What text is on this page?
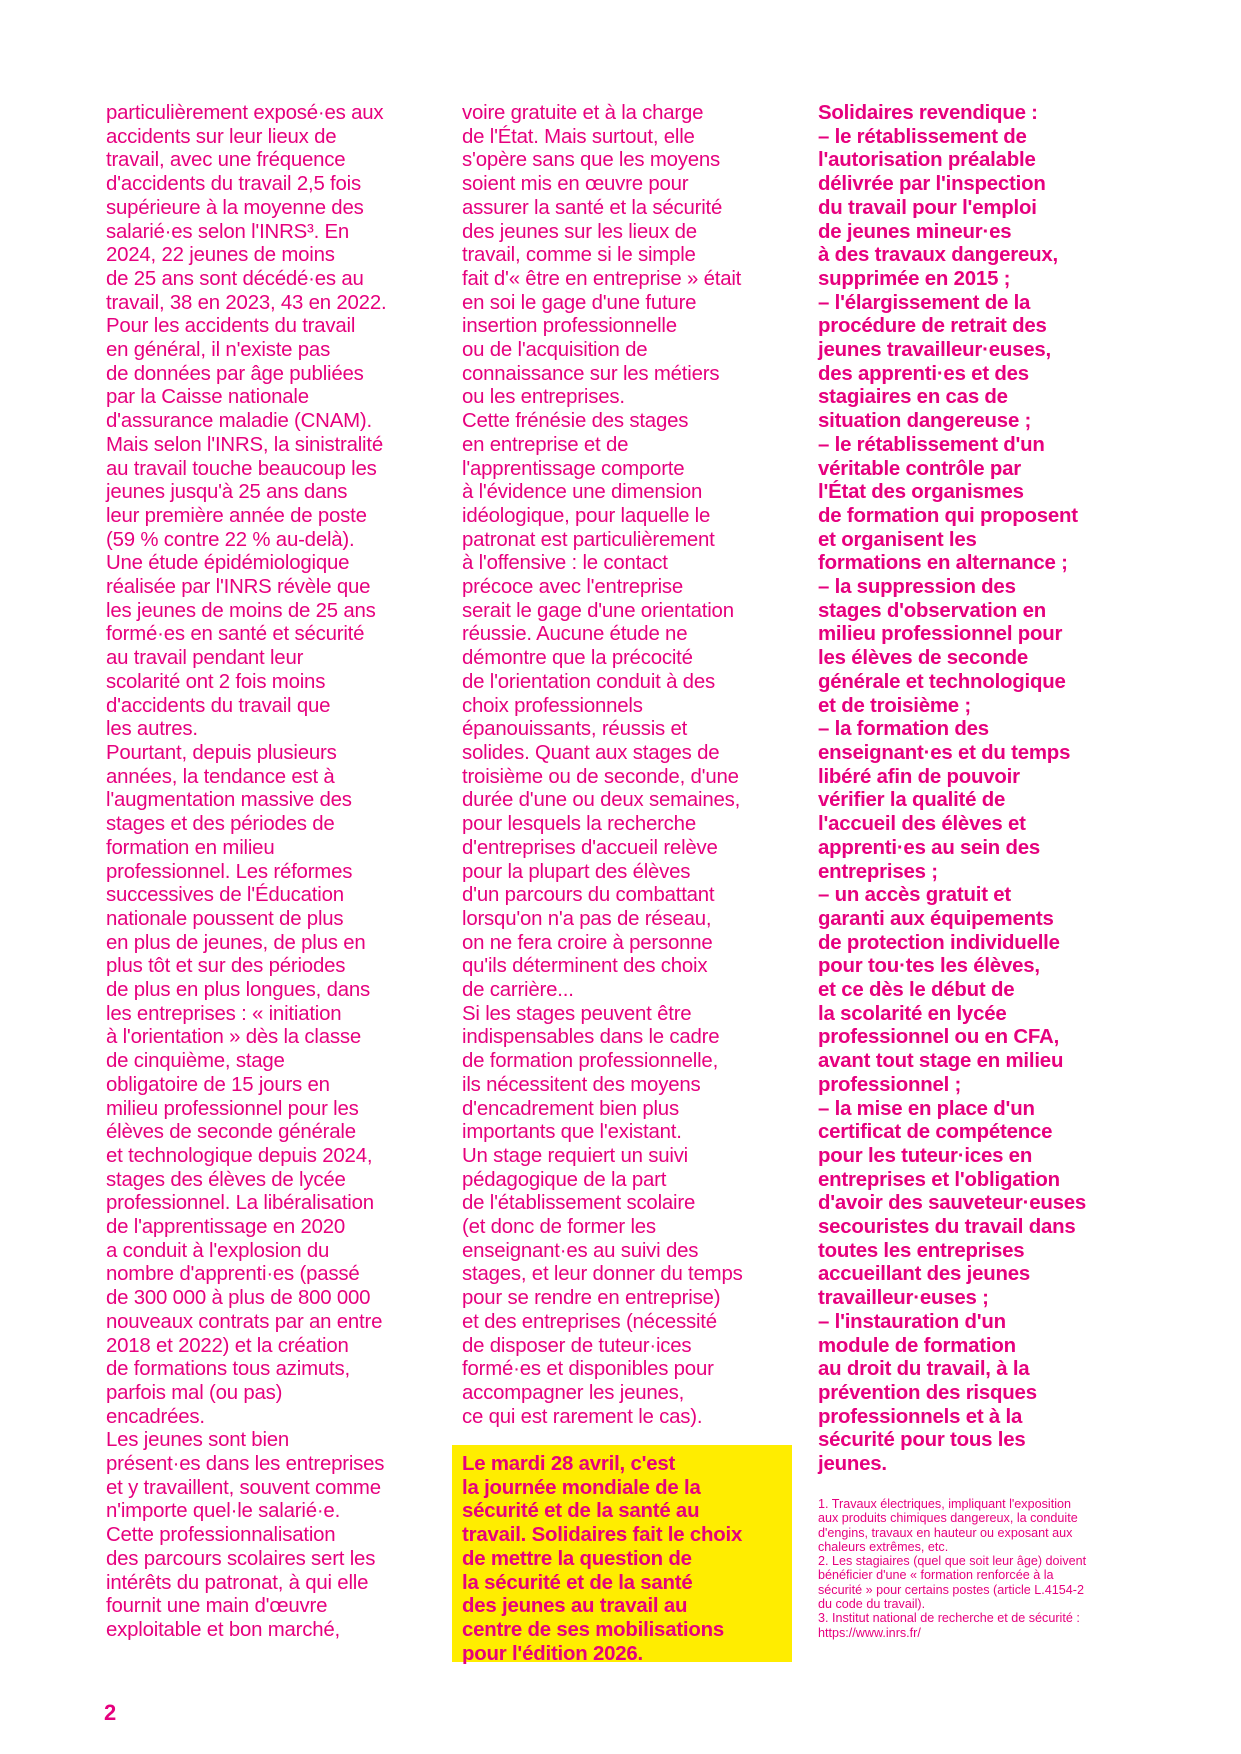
particulièrement exposé·es aux
accidents sur leur lieux de
travail, avec une fréquence
d'accidents du travail 2,5 fois
supérieure à la moyenne des
salarié·es selon l'INRS³. En
2024, 22 jeunes de moins
de 25 ans sont décédé·es au
travail, 38 en 2023, 43 en 2022.
Pour les accidents du travail
en général, il n'existe pas
de données par âge publiées
par la Caisse nationale
d'assurance maladie (CNAM).
Mais selon l'INRS, la sinistralité
au travail touche beaucoup les
jeunes jusqu'à 25 ans dans
leur première année de poste
(59 % contre 22 % au-delà).
Une étude épidémiologique
réalisée par l'INRS révèle que
les jeunes de moins de 25 ans
formé·es en santé et sécurité
au travail pendant leur
scolarité ont 2 fois moins
d'accidents du travail que
les autres.
Pourtant, depuis plusieurs
années, la tendance est à
l'augmentation massive des
stages et des périodes de
formation en milieu
professionnel. Les réformes
successives de l'Éducation
nationale poussent de plus
en plus de jeunes, de plus en
plus tôt et sur des périodes
de plus en plus longues, dans
les entreprises : « initiation
à l'orientation » dès la classe
de cinquième, stage
obligatoire de 15 jours en
milieu professionnel pour les
élèves de seconde générale
et technologique depuis 2024,
stages des élèves de lycée
professionnel. La libéralisation
de l'apprentissage en 2020
a conduit à l'explosion du
nombre d'apprenti·es (passé
de 300 000 à plus de 800 000
nouveaux contrats par an entre
2018 et 2022) et la création
de formations tous azimuts,
parfois mal (ou pas)
encadrées.
Les jeunes sont bien
présent·es dans les entreprises
et y travaillent, souvent comme
n'importe quel·le salarié·e.
Cette professionnalisation
des parcours scolaires sert les
intérêts du patronat, à qui elle
fournit une main d'œuvre
exploitable et bon marché,
voire gratuite et à la charge
de l'État. Mais surtout, elle
s'opère sans que les moyens
soient mis en œuvre pour
assurer la santé et la sécurité
des jeunes sur les lieux de
travail, comme si le simple
fait d'« être en entreprise » était
en soi le gage d'une future
insertion professionnelle
ou de l'acquisition de
connaissance sur les métiers
ou les entreprises.
Cette frénésie des stages
en entreprise et de
l'apprentissage comporte
à l'évidence une dimension
idéologique, pour laquelle le
patronat est particulièrement
à l'offensive : le contact
précoce avec l'entreprise
serait le gage d'une orientation
réussie. Aucune étude ne
démontre que la précocité
de l'orientation conduit à des
choix professionnels
épanouissants, réussis et
solides. Quant aux stages de
troisième ou de seconde, d'une
durée d'une ou deux semaines,
pour lesquels la recherche
d'entreprises d'accueil relève
pour la plupart des élèves
d'un parcours du combattant
lorsqu'on n'a pas de réseau,
on ne fera croire à personne
qu'ils déterminent des choix
de carrière...
Si les stages peuvent être
indispensables dans le cadre
de formation professionnelle,
ils nécessitent des moyens
d'encadrement bien plus
importants que l'existant.
Un stage requiert un suivi
pédagogique de la part
de l'établissement scolaire
(et donc de former les
enseignant·es au suivi des
stages, et leur donner du temps
pour se rendre en entreprise)
et des entreprises (nécessité
de disposer de tuteur·ices
formé·es et disponibles pour
accompagner les jeunes,
ce qui est rarement le cas).
Le mardi 28 avril, c'est
la journée mondiale de la
sécurité et de la santé au
travail. Solidaires fait le choix
de mettre la question de
la sécurité et de la santé
des jeunes au travail au
centre de ses mobilisations
pour l'édition 2026.
Solidaires revendique :
– le rétablissement de
l'autorisation préalable
délivrée par l'inspection
du travail pour l'emploi
de jeunes mineur·es
à des travaux dangereux,
supprimée en 2015 ;
– l'élargissement de la
procédure de retrait des
jeunes travailleur·euses,
des apprenti·es et des
stagiaires en cas de
situation dangereuse ;
– le rétablissement d'un
véritable contrôle par
l'État des organismes
de formation qui proposent
et organisent les
formations en alternance ;
– la suppression des
stages d'observation en
milieu professionnel pour
les élèves de seconde
générale et technologique
et de troisième ;
– la formation des
enseignant·es et du temps
libéré afin de pouvoir
vérifier la qualité de
l'accueil des élèves et
apprenti·es au sein des
entreprises ;
– un accès gratuit et
garanti aux équipements
de protection individuelle
pour tou·tes les élèves,
et ce dès le début de
la scolarité en lycée
professionnel ou en CFA,
avant tout stage en milieu
professionnel ;
– la mise en place d'un
certificat de compétence
pour les tuteur·ices en
entreprises et l'obligation
d'avoir des sauveteur·euses
secouristes du travail dans
toutes les entreprises
accueillant des jeunes
travailleur·euses ;
– l'instauration d'un
module de formation
au droit du travail, à la
prévention des risques
professionnels et à la
sécurité pour tous les
jeunes.
1. Travaux électriques, impliquant l'exposition
aux produits chimiques dangereux, la conduite
d'engins, travaux en hauteur ou exposant aux
chaleurs extrêmes, etc.
2. Les stagiaires (quel que soit leur âge) doivent
bénéficier d'une « formation renforcée à la
sécurité » pour certains postes (article L.4154-2
du code du travail).
3. Institut national de recherche et de sécurité :
https://www.inrs.fr/
2
